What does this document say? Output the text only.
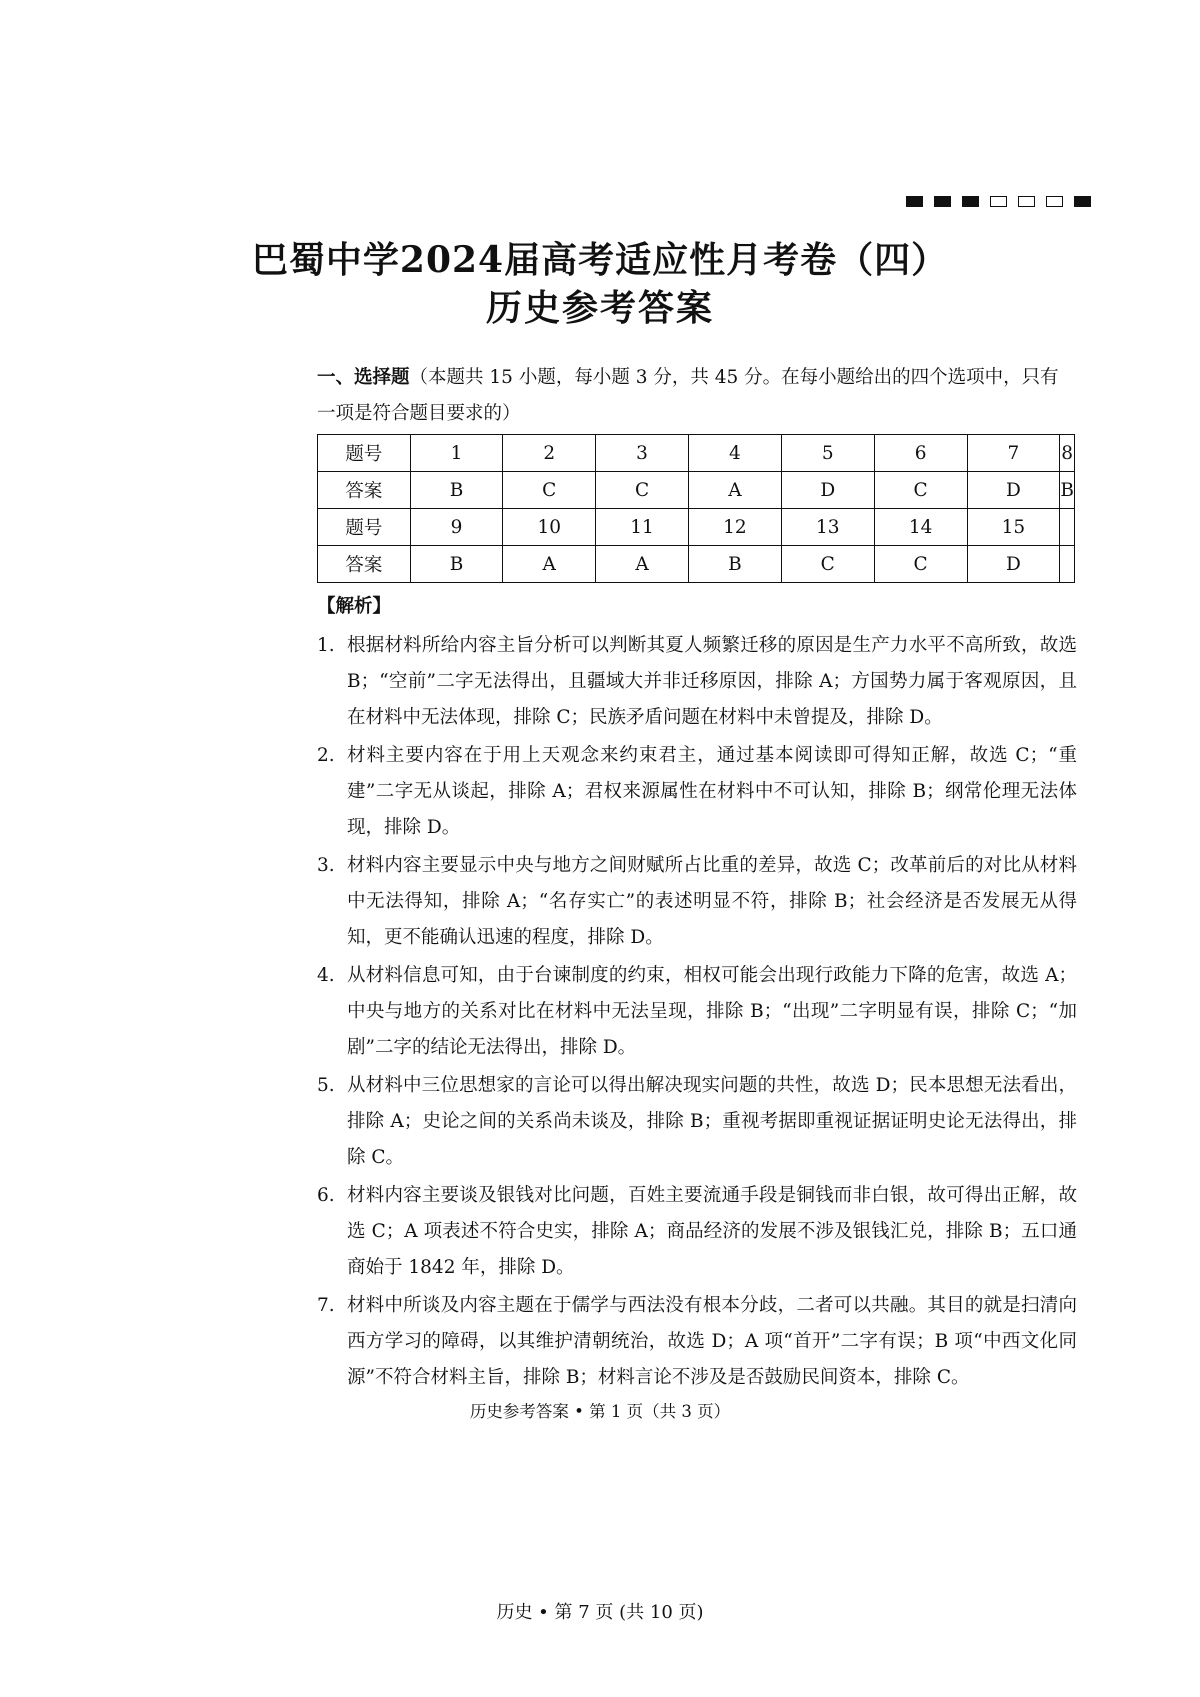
巴蜀中学2024届高考适应性月考卷（四）
历史参考答案
一、选择题（本题共 15 小题，每小题 3 分，共 45 分。在每小题给出的四个选项中，只有一项是符合题目要求的）
题号	1	2	3	4	5	6	7	8
答案	B	C	C	A	D	C	D	B
题号	9	10	11	12	13	14	15	
答案	B	A	A	B	C	C	D	
【解析】
1. 根据材料所给内容主旨分析可以判断其夏人频繁迁移的原因是生产力水平不高所致，故选 B；“空前”二字无法得出，且疆域大并非迁移原因，排除 A；方国势力属于客观原因，且在材料中无法体现，排除 C；民族矛盾问题在材料中未曾提及，排除 D。
2. 材料主要内容在于用上天观念来约束君主，通过基本阅读即可得知正解，故选 C；“重建”二字无从谈起，排除 A；君权来源属性在材料中不可认知，排除 B；纲常伦理无法体现，排除 D。
3. 材料内容主要显示中央与地方之间财赋所占比重的差异，故选 C；改革前后的对比从材料中无法得知，排除 A；“名存实亡”的表述明显不符，排除 B；社会经济是否发展无从得知，更不能确认迅速的程度，排除 D。
4. 从材料信息可知，由于台谏制度的约束，相权可能会出现行政能力下降的危害，故选 A；中央与地方的关系对比在材料中无法呈现，排除 B；“出现”二字明显有误，排除 C；“加剧”二字的结论无法得出，排除 D。
5. 从材料中三位思想家的言论可以得出解决现实问题的共性，故选 D；民本思想无法看出，排除 A；史论之间的关系尚未谈及，排除 B；重视考据即重视证据证明史论无法得出，排除 C。
6. 材料内容主要谈及银钱对比问题，百姓主要流通手段是铜钱而非白银，故可得出正解，故选 C；A 项表述不符合史实，排除 A；商品经济的发展不涉及银钱汇兑，排除 B；五口通商始于 1842 年，排除 D。
7. 材料中所谈及内容主题在于儒学与西法没有根本分歧，二者可以共融。其目的就是扫清向西方学习的障碍，以其维护清朝统治，故选 D；A 项“首开”二字有误；B 项“中西文化同源”不符合材料主旨，排除 B；材料言论不涉及是否鼓励民间资本，排除 C。
历史参考答案 • 第 1 页（共 3 页）
历史 • 第 7 页 (共 10 页)
